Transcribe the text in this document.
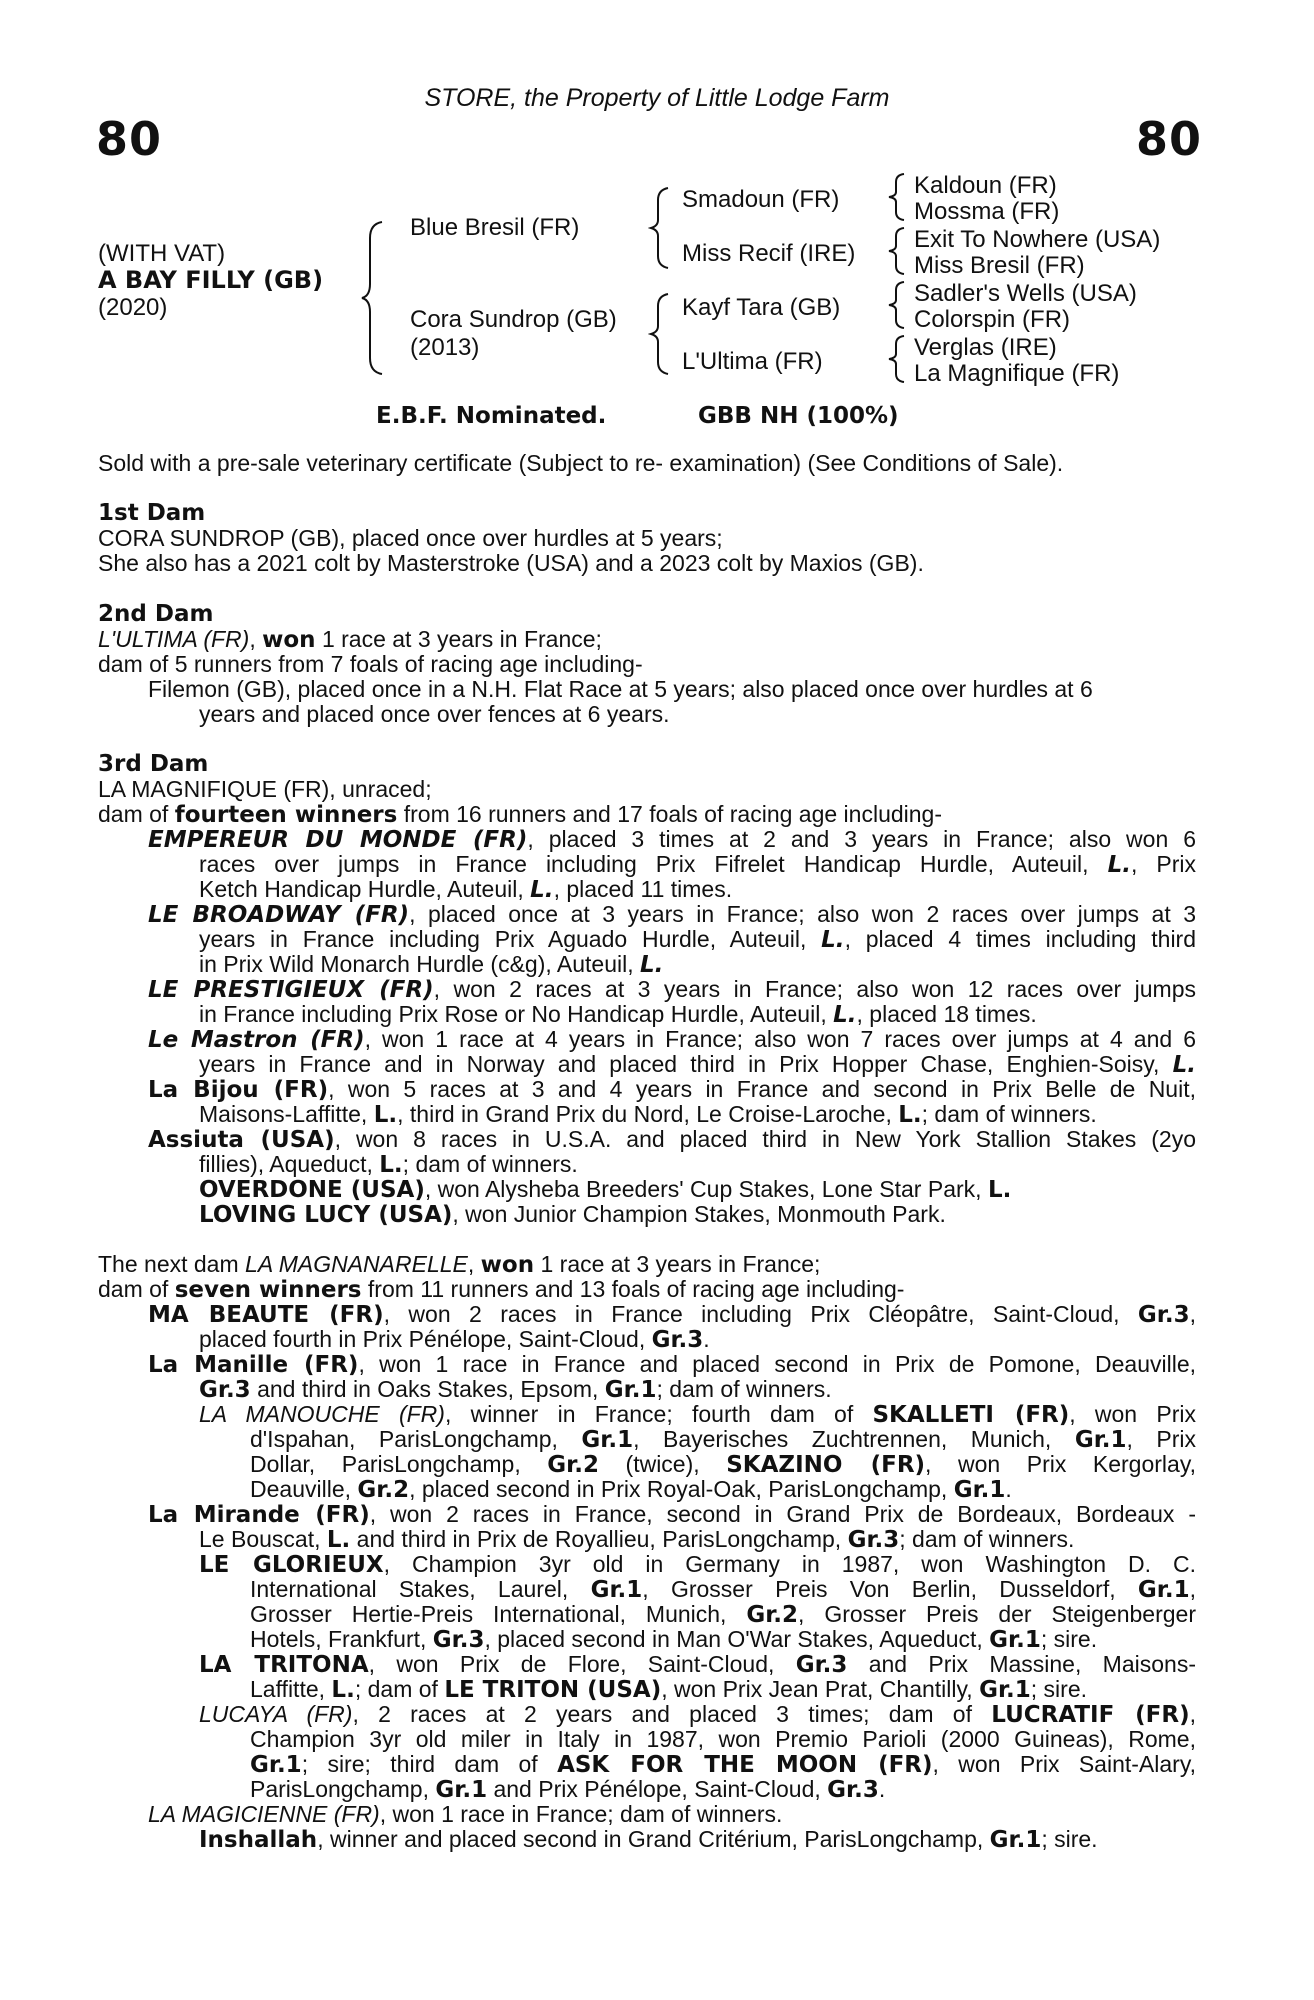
STORE, the Property of Little Lodge Farm
80	80
(WITH VAT)
A BAY FILLY (GB)
(2020)
Blue Bresil (FR)
Cora Sundrop (GB)
(2013)
Smadoun (FR)
Miss Recif (IRE)
Kayf Tara (GB)
L'Ultima (FR)
Kaldoun (FR)
Mossma (FR)
Exit To Nowhere (USA)
Miss Bresil (FR)
Sadler's Wells (USA)
Colorspin (FR)
Verglas (IRE)
La Magnifique (FR)
E.B.F. Nominated.	GBB NH (100%)
Sold with a pre-sale veterinary certificate (Subject to re- examination) (See Conditions of Sale).
1st Dam
CORA SUNDROP (GB), placed once over hurdles at 5 years;
She also has a 2021 colt by Masterstroke (USA) and a 2023 colt by Maxios (GB).
2nd Dam
L'ULTIMA (FR), won 1 race at 3 years in France;
dam of 5 runners from 7 foals of racing age including-
Filemon (GB), placed once in a N.H. Flat Race at 5 years; also placed once over hurdles at 6
years and placed once over fences at 6 years.
3rd Dam
LA MAGNIFIQUE (FR), unraced;
dam of fourteen winners from 16 runners and 17 foals of racing age including-
EMPEREUR DU MONDE (FR), placed 3 times at 2 and 3 years in France; also won 6
races over jumps in France including Prix Fifrelet Handicap Hurdle, Auteuil, L., Prix
Ketch Handicap Hurdle, Auteuil, L., placed 11 times.
LE BROADWAY (FR), placed once at 3 years in France; also won 2 races over jumps at 3
years in France including Prix Aguado Hurdle, Auteuil, L., placed 4 times including third
in Prix Wild Monarch Hurdle (c&g), Auteuil, L.
LE PRESTIGIEUX (FR), won 2 races at 3 years in France; also won 12 races over jumps
in France including Prix Rose or No Handicap Hurdle, Auteuil, L., placed 18 times.
Le Mastron (FR), won 1 race at 4 years in France; also won 7 races over jumps at 4 and 6
years in France and in Norway and placed third in Prix Hopper Chase, Enghien-Soisy, L.
La Bijou (FR), won 5 races at 3 and 4 years in France and second in Prix Belle de Nuit,
Maisons-Laffitte, L., third in Grand Prix du Nord, Le Croise-Laroche, L.; dam of winners.
Assiuta (USA), won 8 races in U.S.A. and placed third in New York Stallion Stakes (2yo
fillies), Aqueduct, L.; dam of winners.
OVERDONE (USA), won Alysheba Breeders' Cup Stakes, Lone Star Park, L.
LOVING LUCY (USA), won Junior Champion Stakes, Monmouth Park.
The next dam LA MAGNANARELLE, won 1 race at 3 years in France;
dam of seven winners from 11 runners and 13 foals of racing age including-
MA BEAUTE (FR), won 2 races in France including Prix Cléopâtre, Saint-Cloud, Gr.3,
placed fourth in Prix Pénélope, Saint-Cloud, Gr.3.
La Manille (FR), won 1 race in France and placed second in Prix de Pomone, Deauville,
Gr.3 and third in Oaks Stakes, Epsom, Gr.1; dam of winners.
LA MANOUCHE (FR), winner in France; fourth dam of SKALLETI (FR), won Prix
d'Ispahan, ParisLongchamp, Gr.1, Bayerisches Zuchtrennen, Munich, Gr.1, Prix
Dollar, ParisLongchamp, Gr.2 (twice), SKAZINO (FR), won Prix Kergorlay,
Deauville, Gr.2, placed second in Prix Royal-Oak, ParisLongchamp, Gr.1.
La Mirande (FR), won 2 races in France, second in Grand Prix de Bordeaux, Bordeaux -
Le Bouscat, L. and third in Prix de Royallieu, ParisLongchamp, Gr.3; dam of winners.
LE GLORIEUX, Champion 3yr old in Germany in 1987, won Washington D. C.
International Stakes, Laurel, Gr.1, Grosser Preis Von Berlin, Dusseldorf, Gr.1,
Grosser Hertie-Preis International, Munich, Gr.2, Grosser Preis der Steigenberger
Hotels, Frankfurt, Gr.3, placed second in Man O'War Stakes, Aqueduct, Gr.1; sire.
LA TRITONA, won Prix de Flore, Saint-Cloud, Gr.3 and Prix Massine, Maisons-
Laffitte, L.; dam of LE TRITON (USA), won Prix Jean Prat, Chantilly, Gr.1; sire.
LUCAYA (FR), 2 races at 2 years and placed 3 times; dam of LUCRATIF (FR),
Champion 3yr old miler in Italy in 1987, won Premio Parioli (2000 Guineas), Rome,
Gr.1; sire; third dam of ASK FOR THE MOON (FR), won Prix Saint-Alary,
ParisLongchamp, Gr.1 and Prix Pénélope, Saint-Cloud, Gr.3.
LA MAGICIENNE (FR), won 1 race in France; dam of winners.
Inshallah, winner and placed second in Grand Critérium, ParisLongchamp, Gr.1; sire.
